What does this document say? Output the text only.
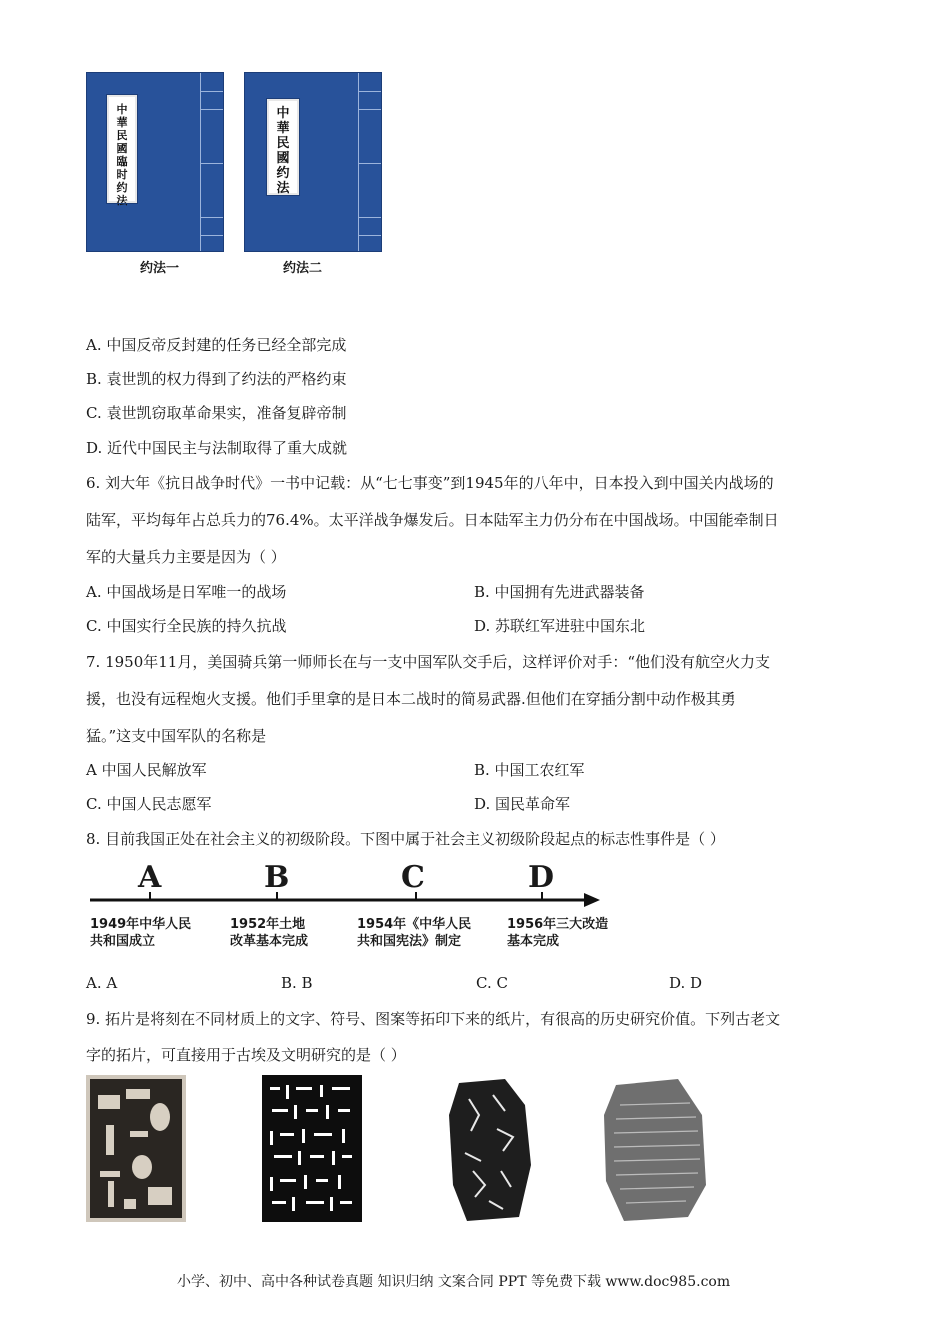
中華民國臨时约法
约法一
中華民國约法
约法二
A. 中国反帝反封建的任务已经全部完成
B. 袁世凯的权力得到了约法的严格约束
C. 袁世凯窃取革命果实，准备复辟帝制
D. 近代中国民主与法制取得了重大成就
6. 刘大年《抗日战争时代》一书中记载：从“七七事变”到1945年的八年中，日本投入到中国关内战场的
陆军，平均每年占总兵力的76.4%。太平洋战争爆发后。日本陆军主力仍分布在中国战场。中国能牵制日
军的大量兵力主要是因为（ ）
A. 中国战场是日军唯一的战场	B. 中国拥有先进武器装备
C. 中国实行全民族的持久抗战	D. 苏联红军进驻中国东北
7. 1950年11月，美国骑兵第一师师长在与一支中国军队交手后，这样评价对手：“他们没有航空火力支
援，也没有远程炮火支援。他们手里拿的是日本二战时的简易武器.但他们在穿插分割中动作极其勇
猛。”这支中国军队的名称是
A 中国人民解放军	B. 中国工农红军
C. 中国人民志愿军	D. 国民革命军
8. 目前我国正处在社会主义的初级阶段。下图中属于社会主义初级阶段起点的标志性事件是（ ）
A	B	C	D
1949年中华人民
共和国成立
1952年土地
改革基本完成
1954年《中华人民
共和国宪法》制定
1956年三大改造
基本完成
A. A	B. B	C. C	D. D
9. 拓片是将刻在不同材质上的文字、符号、图案等拓印下来的纸片，有很高的历史研究价值。下列古老文
字的拓片，可直接用于古埃及文明研究的是（ ）
小学、初中、高中各种试卷真题 知识归纳 文案合同 PPT 等免费下载 www.doc985.com
